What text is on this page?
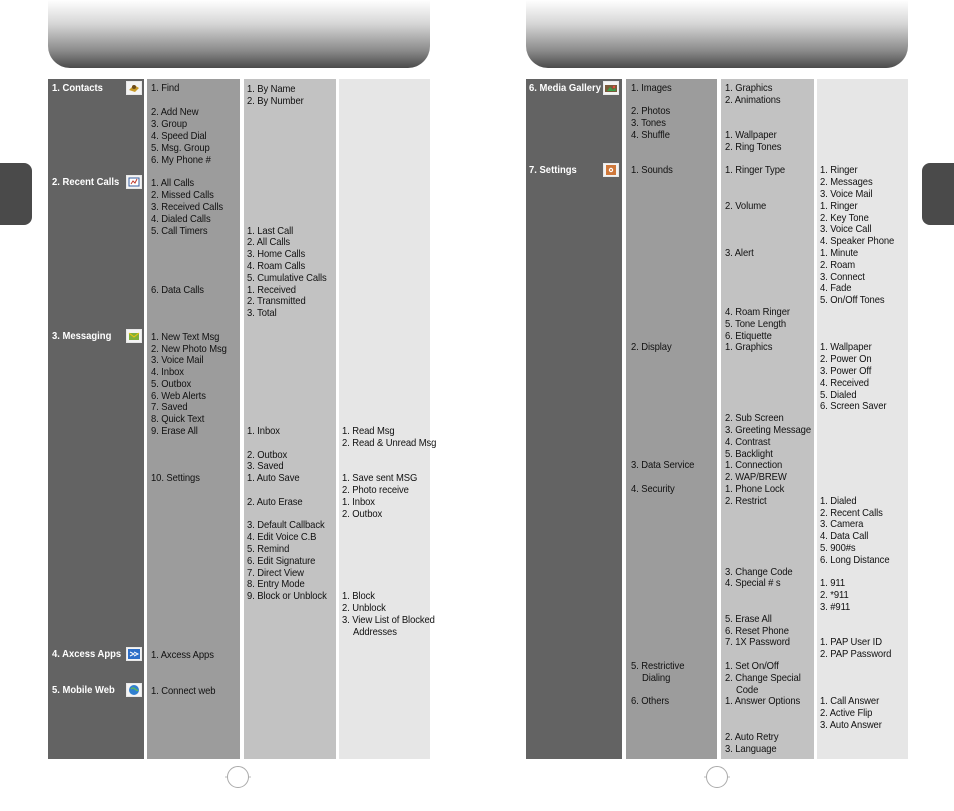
1. Contacts
2. Recent Calls
3. Messaging
4. Axcess Apps
5. Mobile Web
1. Find
2. Add New
3. Group
4. Speed Dial
5. Msg. Group
6. My Phone #
1. All Calls
2. Missed Calls
3. Received Calls
4. Dialed Calls
5. Call Timers
6. Data Calls
1. New Text Msg
2. New Photo Msg
3. Voice Mail
4. Inbox
5. Outbox
6. Web Alerts
7. Saved
8. Quick Text
9. Erase All
10. Settings
1. Axcess Apps
1. Connect web
1. By Name
2. By Number
1. Last Call
2. All Calls
3. Home Calls
4. Roam Calls
5. Cumulative Calls
1. Received
2. Transmitted
3. Total
1. Inbox
2. Outbox
3. Saved
1. Auto Save
2. Auto Erase
3. Default Callback
4. Edit Voice C.B
5. Remind
6. Edit Signature
7. Direct View
8. Entry Mode
9. Block or Unblock
1. Read Msg
2. Read & Unread Msg
1. Save sent MSG
2. Photo receive
1. Inbox
2. Outbox
1. Block
2. Unblock
3. View List of Blocked
Addresses
6. Media Gallery
7. Settings
1. Images
2. Photos
3. Tones
4. Shuffle
1. Sounds
2. Display
3. Data Service
4. Security
5. Restrictive
Dialing
6. Others
1. Graphics
2. Animations
1. Wallpaper
2. Ring Tones
1. Ringer Type
2. Volume
3. Alert
4. Roam Ringer
5. Tone Length
6. Etiquette
1. Graphics
2. Sub Screen
3. Greeting Message
4. Contrast
5. Backlight
1. Connection
2. WAP/BREW
1. Phone Lock
2. Restrict
3. Change Code
4. Special # s
5. Erase All
6. Reset Phone
7. 1X Password
1. Set On/Off
2. Change Special
Code
1. Answer Options
2. Auto Retry
3. Language
1. Ringer
2. Messages
3. Voice Mail
1. Ringer
2. Key Tone
3. Voice Call
4. Speaker Phone
1. Minute
2. Roam
3. Connect
4. Fade
5. On/Off Tones
1. Wallpaper
2. Power On
3. Power Off
4. Received
5. Dialed
6. Screen Saver
1. Dialed
2. Recent Calls
3. Camera
4. Data Call
5. 900#s
6. Long Distance
1. 911
2. *911
3. #911
1. PAP User ID
2. PAP Password
1. Call Answer
2. Active Flip
3. Auto Answer
